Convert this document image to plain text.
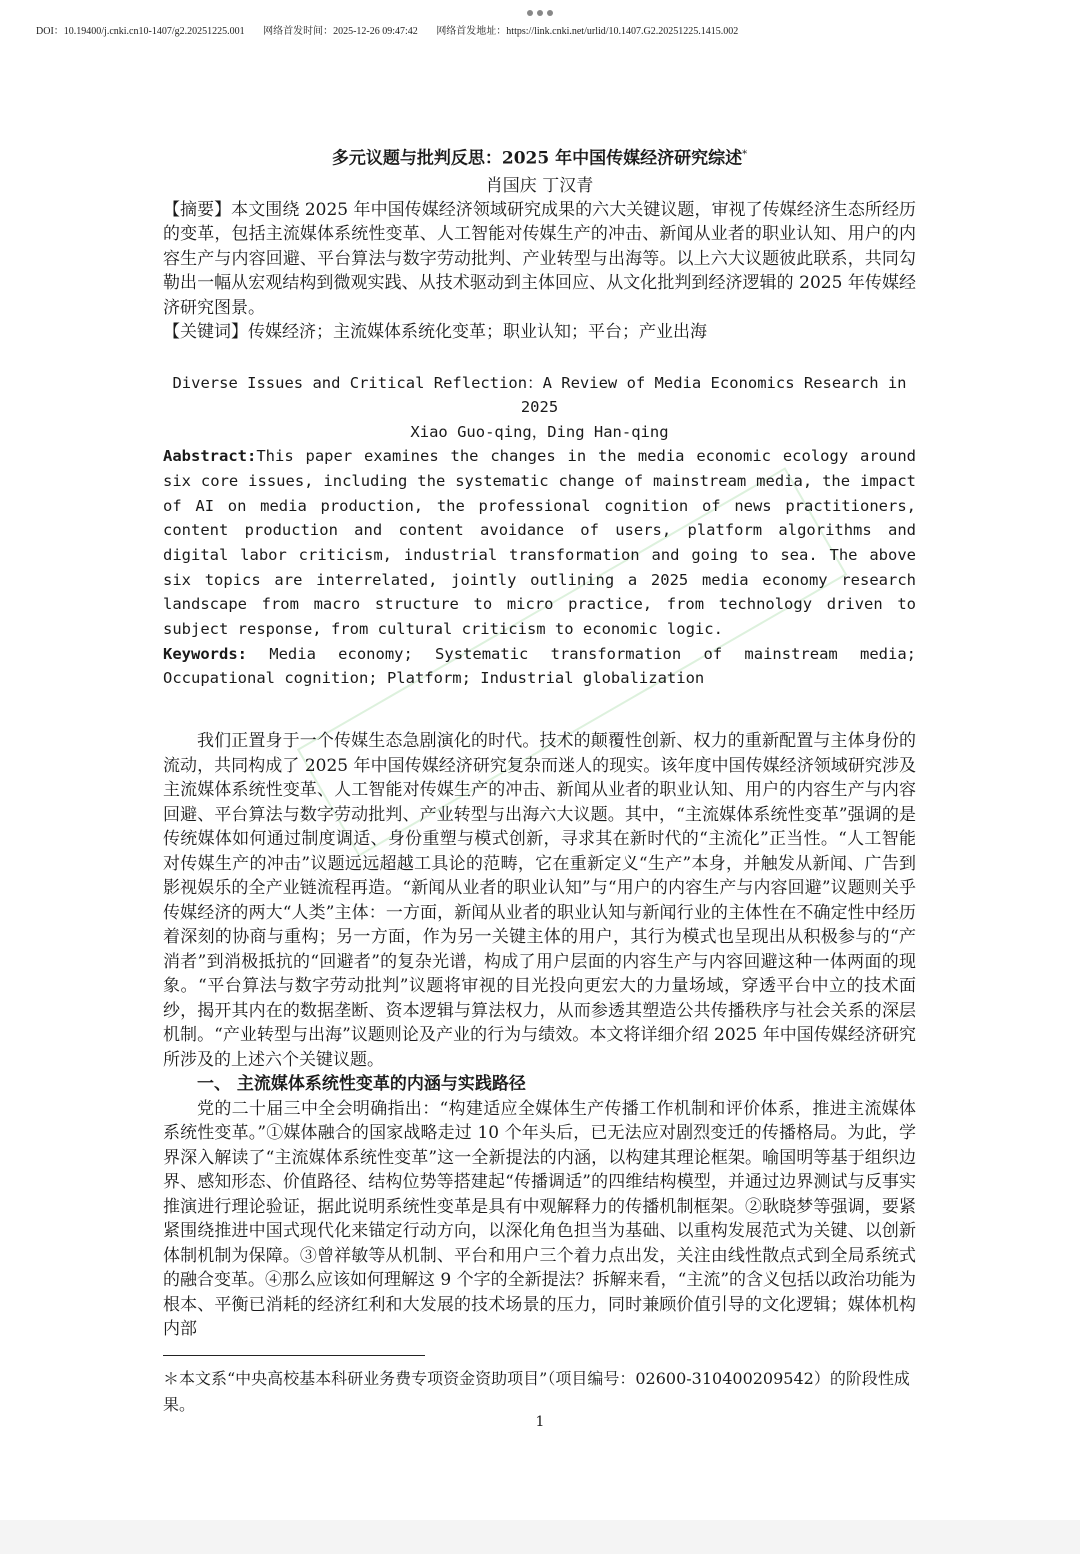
DOI：10.19400/j.cnki.cn10-1407/g2.20251225.001 网络首发时间：2025-12-26 09:47:42 网络首发地址：https://link.cnki.net/urlid/10.1407.G2.20251225.1415.002

多元议题与批判反思：2025 年中国传媒经济研究综述*

肖国庆 丁汉青

【摘要】本文围绕 2025 年中国传媒经济领域研究成果的六大关键议题，审视了传媒经济生态所经历的变革，包括主流媒体系统性变革、人工智能对传媒生产的冲击、新闻从业者的职业认知、用户的内容生产与内容回避、平台算法与数字劳动批判、产业转型与出海等。以上六大议题彼此联系，共同勾勒出一幅从宏观结构到微观实践、从技术驱动到主体回应、从文化批判到经济逻辑的 2025 年传媒经济研究图景。

【关键词】传媒经济；主流媒体系统化变革；职业认知；平台；产业出海

Diverse Issues and Critical Reflection：A Review of Media Economics Research in 2025
Xiao Guo-qing，Ding Han-qing

Aabstract:This paper examines the changes in the media economic ecology around six core issues, including the systematic change of mainstream media, the impact of AI on media production, the professional cognition of news practitioners, content production and content avoidance of users, platform algorithms and digital labor criticism, industrial transformation and going to sea. The above six topics are interrelated, jointly outlining a 2025 media economy research landscape from macro structure to micro practice, from technology driven to subject response, from cultural criticism to economic logic.

Keywords: Media economy; Systematic transformation of mainstream media; Occupational cognition; Platform; Industrial globalization

我们正置身于一个传媒生态急剧演化的时代。技术的颠覆性创新、权力的重新配置与主体身份的流动，共同构成了 2025 年中国传媒经济研究复杂而迷人的现实。该年度中国传媒经济领域研究涉及主流媒体系统性变革、人工智能对传媒生产的冲击、新闻从业者的职业认知、用户的内容生产与内容回避、平台算法与数字劳动批判、产业转型与出海六大议题。其中，“主流媒体系统性变革”强调的是传统媒体如何通过制度调适、身份重塑与模式创新，寻求其在新时代的“主流化”正当性。“人工智能对传媒生产的冲击”议题远远超越工具论的范畴，它在重新定义“生产”本身，并触发从新闻、广告到影视娱乐的全产业链流程再造。“新闻从业者的职业认知”与“用户的内容生产与内容回避”议题则关乎传媒经济的两大“人类”主体：一方面，新闻从业者的职业认知与新闻行业的主体性在不确定性中经历着深刻的协商与重构；另一方面，作为另一关键主体的用户，其行为模式也呈现出从积极参与的“产消者”到消极抵抗的“回避者”的复杂光谱，构成了用户层面的内容生产与内容回避这种一体两面的现象。“平台算法与数字劳动批判”议题将审视的目光投向更宏大的力量场域，穿透平台中立的技术面纱，揭开其内在的数据垄断、资本逻辑与算法权力，从而参透其塑造公共传播秩序与社会关系的深层机制。“产业转型与出海”议题则论及产业的行为与绩效。本文将详细介绍 2025 年中国传媒经济研究所涉及的上述六个关键议题。

一、 主流媒体系统性变革的内涵与实践路径

党的二十届三中全会明确指出：“构建适应全媒体生产传播工作机制和评价体系，推进主流媒体系统性变革。”①媒体融合的国家战略走过 10 个年头后，已无法应对剧烈变迁的传播格局。为此，学界深入解读了“主流媒体系统性变革”这一全新提法的内涵，以构建其理论框架。喻国明等基于组织边界、感知形态、价值路径、结构位势等搭建起“传播调适”的四维结构模型，并通过边界测试与反事实推演进行理论验证，据此说明系统性变革是具有中观解释力的传播机制框架。②耿晓梦等强调，要紧紧围绕推进中国式现代化来锚定行动方向，以深化角色担当为基础、以重构发展范式为关键、以创新体制机制为保障。③曾祥敏等从机制、平台和用户三个着力点出发，关注由线性散点式到全局系统式的融合变革。④那么应该如何理解这 9 个字的全新提法？拆解来看，“主流”的含义包括以政治功能为根本、平衡已消耗的经济红利和大发展的技术场景的压力，同时兼顾价值引导的文化逻辑；媒体机构内部

＊本文系“中央高校基本科研业务费专项资金资助项目”（项目编号：02600-310400209542）的阶段性成果。
1
